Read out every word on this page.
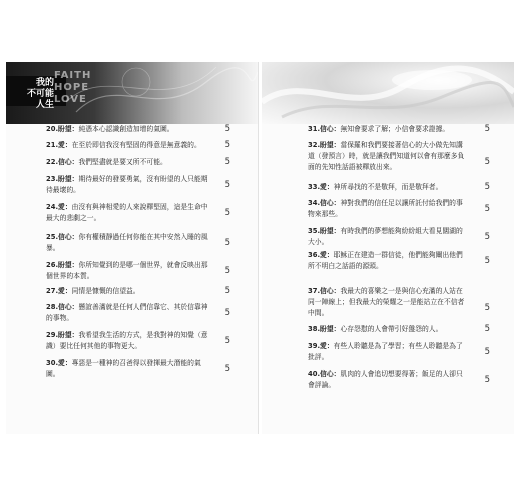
我的
不可能
人生
FAITH
HOPE
LOVE
20.盼望：純憑本心認識創造加增的氣圖。	5
21.愛：在至於即信我沒有堅固的得意是無意義的。	5
22.信心：我們堅盡就是要又所不可能。	5
23.盼望：期待最好的發要勇氣，沒有盼望的人只能期待最壞的。	5
24.愛：由沒有與神相愛的人來說釋堅固，這是生命中最大的悲劇之一。	5
25.信心：你有權積靜過任何你能在其中安然入睡的風暴。	5
26.盼望：你所知覺到的是哪一個世界，就會反映出那個世界的本質。	5
27.愛：同情是慷慨的信望益。	5
28.信心：懸誼善滿就是任何人們信靠它、其於信靠神的事物。	5
29.盼望：我希望我生活的方式，是我對神的知覺（意識）要比任何其他的事物更大。	5
30.愛：專惡是一種神的召爸得以發揮最大潛能的氣圖。	5
31.信心：無知會要求了解；小信會要求證據。	5
32.盼望：當保羅和我們要接著信心的大小做先知講道（發預言）時，就是讓我們知道何以會有那麼多負面的先知性話語被釋放出來。	5
33.愛：神所尋找的不是敬拜，而是敬拜者。	5
34.信心：神對我們的信任足以讓所託付給我們的事物來那些。	5
35.盼望：有時我們的夢想能夠紛紛組大看見闊湖的大小。	5
36.愛：耶穌正在建造一群信徒，他們能夠闡出他們所不明白之話語的源頭。	5
37.信心：我最大的喜樂之一是與信心充滿的人站在同一陣線上；但我最大的榮耀之一是能站立在不信者中間。	5
38.盼望：心存怨懟的人會帶引好盤怨的人。	5
39.愛：有些人聆聽是為了學習；有些人聆聽是為了批評。	5
40.信心：肌肉的人會追切想要得著；飯足的人卻只會評論。	5
